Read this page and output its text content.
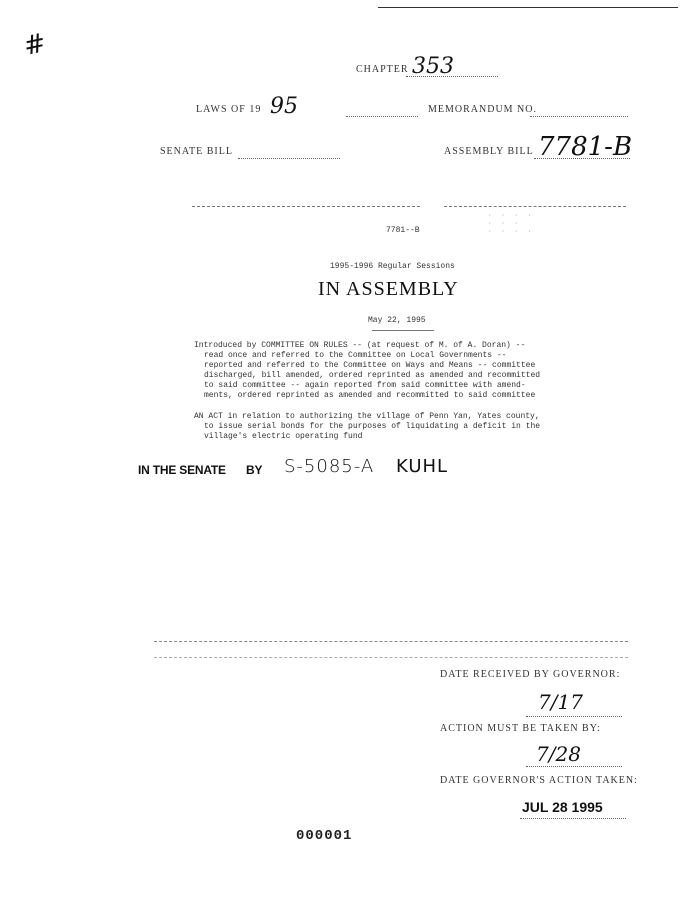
#
CHAPTER 353
LAWS OF 19 95	MEMORANDUM NO.
SENATE BILL	ASSEMBLY BILL 7781-B
7781--B
· · · ·
· · ·
· · · ·
1995-1996 Regular Sessions
IN ASSEMBLY
May 22, 1995
Introduced by COMMITTEE ON RULES -- (at request of M. of A. Doran) --
read once and referred to the Committee on Local Governments --
reported and referred to the Committee on Ways and Means -- committee
discharged, bill amended, ordered reprinted as amended and recommitted
to said committee -- again reported from said committee with amend-
ments, ordered reprinted as amended and recommitted to said committee
AN ACT in relation to authorizing the village of Penn Yan, Yates county,
to issue serial bonds for the purposes of liquidating a deficit in the
village's electric operating fund
IN THE SENATE BY S-5085-A KUHL
DATE RECEIVED BY GOVERNOR:
7/17
ACTION MUST BE TAKEN BY:
7/28
DATE GOVERNOR'S ACTION TAKEN:
JUL 28 1995
000001
